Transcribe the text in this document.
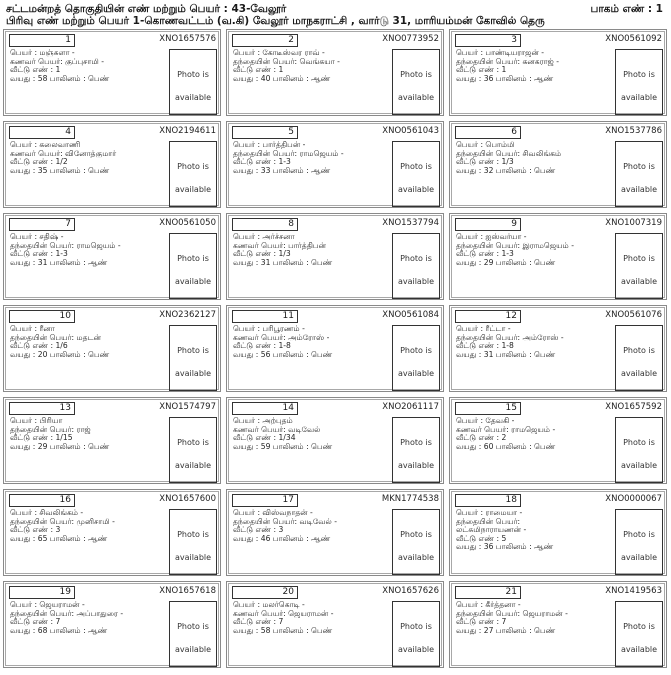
சட்டமன்றத் தொகுதியின் எண் மற்றும் பெயர் : 43-வேலூர்
பிரிவு எண் மற்றும் பெயர் 1-கொணவட்டம் (வ.கி) வேலூர் மாநகராட்சி , வார்டு 31, மாரியம்மன் கோவில் தெரு
பாகம் எண் : 1
1	XNO1657576
பெயர் : மஞ்சுளா -
கணவர் பெயர்: குப்புசாமி -
வீட்டு எண் : 1
வயது : 58 பாலினம் : பெண்	Photo is
available
2	XNO0773952
பெயர் : கோடீஸ்வர ராவ் -
தந்தையின் பெயர்: வெங்கயா -
வீட்டு எண் : 1
வயது : 40 பாலினம் : ஆண்	Photo is
available
3	XNO0561092
பெயர் : பாண்டியராஜன் -
தந்தையின் பெயர்: கனகராஜ் -
வீட்டு எண் : 1
வயது : 36 பாலினம் : ஆண்	Photo is
available
4	XNO2194611
பெயர் : கலைவாணி
கணவர் பெயர்: வினோத்குமார்
வீட்டு எண் : 1/2
வயது : 35 பாலினம் : பெண்	Photo is
available
5	XNO0561043
பெயர் : பார்த்திபன் -
தந்தையின் பெயர்: ராமஜெயம் -
வீட்டு எண் : 1-3
வயது : 33 பாலினம் : ஆண்	Photo is
available
6	XNO1537786
பெயர் : பொம்மி
தந்தையின் பெயர்: சிவலிங்கம்
வீட்டு எண் : 1/3
வயது : 32 பாலினம் : பெண்	Photo is
available
7	XNO0561050
பெயர் : சதிஷ் -
தந்தையின் பெயர்: ராமஜெயம் -
வீட்டு எண் : 1-3
வயது : 31 பாலினம் : ஆண்	Photo is
available
8	XNO1537794
பெயர் : அர்ச்சனா
கணவர் பெயர்: பார்த்திபன்
வீட்டு எண் : 1/3
வயது : 31 பாலினம் : பெண்	Photo is
available
9	XNO1007319
பெயர் : ஐஸ்வர்யா -
தந்தையின் பெயர்: இராமஜெயம் -
வீட்டு எண் : 1-3
வயது : 29 பாலினம் : பெண்	Photo is
available
10	XNO2362127
பெயர் : ரீனா
தந்தையின் பெயர்: மதடன்
வீட்டு எண் : 1/6
வயது : 20 பாலினம் : பெண்	Photo is
available
11	XNO0561084
பெயர் : பரிபூரணம் -
கணவர் பெயர்: அம்ரோஸ் -
வீட்டு எண் : 1-8
வயது : 56 பாலினம் : பெண்	Photo is
available
12	XNO0561076
பெயர் : ரீட்டா -
தந்தையின் பெயர்: அம்ரோஸ் -
வீட்டு எண் : 1-8
வயது : 31 பாலினம் : பெண்	Photo is
available
13	XNO1574797
பெயர் : பிரியா
தந்தையின் பெயர்: ராஜ்
வீட்டு எண் : 1/15
வயது : 29 பாலினம் : பெண்	Photo is
available
14	XNO2061117
பெயர் : அற்புதம்
கணவர் பெயர்: வடிவேல்
வீட்டு எண் : 1/34
வயது : 59 பாலினம் : பெண்	Photo is
available
15	XNO1657592
பெயர் : தேவகி -
கணவர் பெயர்: ராமஜெயம் -
வீட்டு எண் : 2
வயது : 60 பாலினம் : பெண்	Photo is
available
16	XNO1657600
பெயர் : சிவலிங்கம் -
தந்தையின் பெயர்: முனிசாமி -
வீட்டு எண் : 3
வயது : 65 பாலினம் : ஆண்	Photo is
available
17	MKN1774538
பெயர் : விஸ்வநாதன் -
தந்தையின் பெயர்: வடிவேல் -
வீட்டு எண் : 3
வயது : 46 பாலினம் : ஆண்	Photo is
available
18	XNO0000067
பெயர் : ராமையா -
தந்தையின் பெயர்:
லட்சுமிநாராயணன் -
வீட்டு எண் : 5
வயது : 36 பாலினம் : ஆண்
Photo is
available
19	XNO1657618
பெயர் : ஜெயராமன் -
தந்தையின் பெயர்: அப்பாதுரை -
வீட்டு எண் : 7
வயது : 68 பாலினம் : ஆண்	Photo is
available
20	XNO1657626
பெயர் : மலர்கொடி -
கணவர் பெயர்: ஜெயராமன் -
வீட்டு எண் : 7
வயது : 58 பாலினம் : பெண்	Photo is
available
21	XNO1419563
பெயர் : கீர்த்தனா -
தந்தையின் பெயர்: ஜெயராமன் -
வீட்டு எண் : 7
வயது : 27 பாலினம் : பெண்	Photo is
available
